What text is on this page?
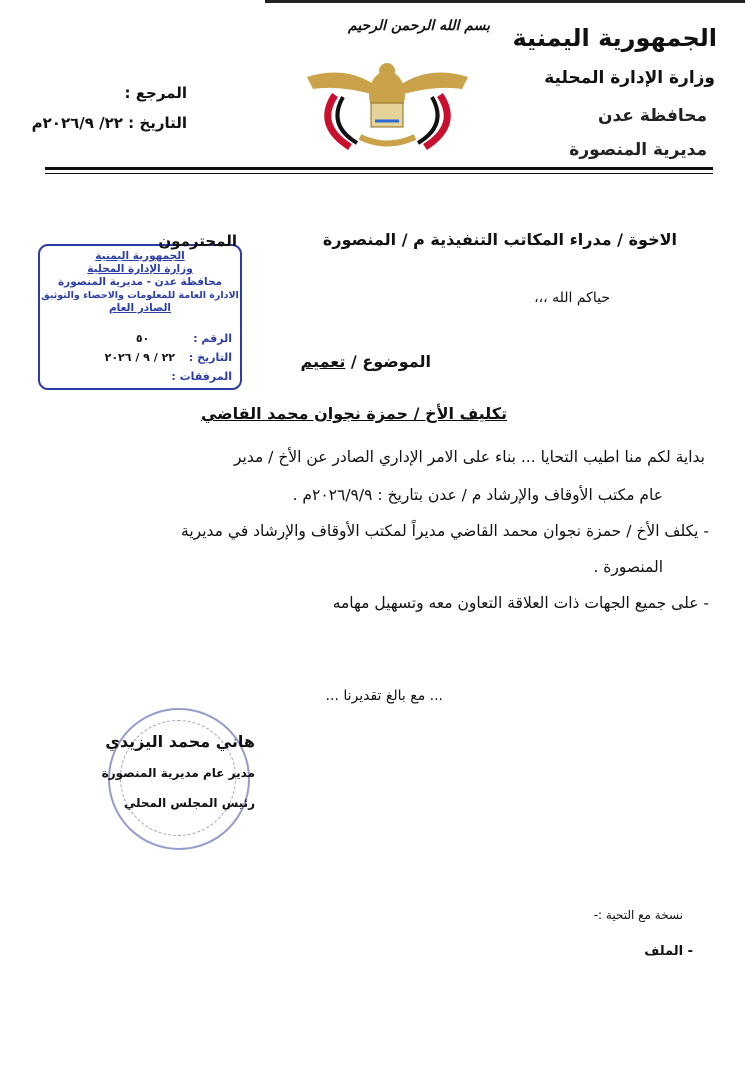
الجمهورية اليمنية
وزارة الإدارة المحلية
محافظة عدن
مديرية المنصورة
بسم الله الرحمن الرحيم
المرجع :
التاريخ : ٢٢/ ٢٠٢٦/٩م
الجمهورية اليمنية
وزارة الإدارة المحلية
محافظة عدن - مديرية المنصورة
الادارة العامة للمعلومات والاحصاء والتوثيق
الصادر العام
الرقم : ٥٠
التاريخ : ٢٢ / ٩ / ٢٠٢٦
المرفقات :
الاخوة / مدراء المكاتب التنفيذية م / المنصورة
المحترمون
حياكم الله ،،،
الموضوع / تعميم
تكليف الأخ / حمزة نجوان محمد القاضي
بداية لكم منا اطيب التحايا ... بناء على الامر الإداري الصادر عن الأخ / مدير
عام مكتب الأوقاف والإرشاد م / عدن بتاريخ : ٢٠٢٦/٩/٩م .
- يكلف الأخ / حمزة نجوان محمد القاضي مديراً لمكتب الأوقاف والإرشاد في مديرية
المنصورة .
- على جميع الجهات ذات العلاقة التعاون معه وتسهيل مهامه
... مع بالغ تقديرنا ...
هاني محمد اليزيدي
مدير عام مديرية المنصورة
رئيس المجلس المحلي
نسخة مع التحية :-
- الملف
